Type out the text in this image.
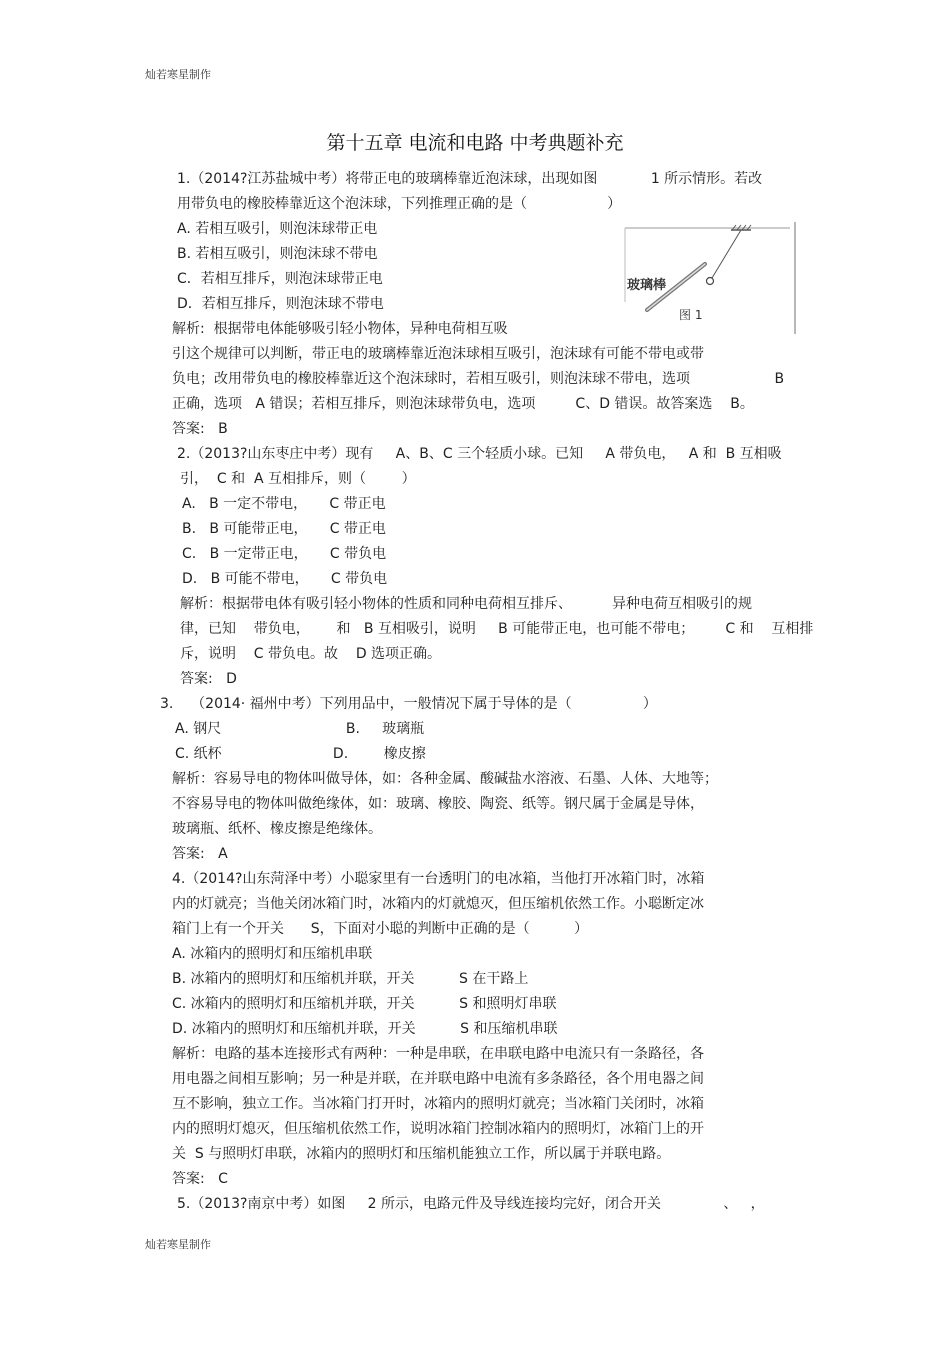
灿若寒星制作
第十五章 电流和电路 中考典题补充
1.（2014?江苏盐城中考）将带正电的玻璃棒靠近泡沫球，出现如图            1 所示情形。若改
用带负电的橡胶棒靠近这个泡沫球，下列推理正确的是（                  ）
A. 若相互吸引，则泡沫球带正电
B. 若相互吸引，则泡沫球不带电
C．若相互排斥，则泡沫球带正电
D．若相互排斥，则泡沫球不带电
解析:  根据带电体能够吸引轻小物体，异种电荷相互吸
引这个规律可以判断，带正电的玻璃棒靠近泡沫球相互吸引，泡沫球有可能不带电或带
负电；改用带负电的橡胶棒靠近这个泡沫球时，若相互吸引，则泡沫球不带电，选项                   B
正确，选项   A 错误；若相互排斥，则泡沫球带负电，选项         C、D 错误。故答案选    B。
答案:   B
2.（2013?山东枣庄中考）现有     A、B、C 三个轻质小球。已知     A 带负电，   A 和  B 互相吸
引，  C 和  A 互相排斥，则（        ）
A.   B 一定不带电，     C 带正电
B.   B 可能带正电，     C 带正电
C.   B 一定带正电，     C 带负电
D.   B 可能不带电，     C 带负电
解析：根据带电体有吸引轻小物体的性质和同种电荷相互排斥、         异种电荷互相吸引的规
律，已知    带负电，      和   B 互相吸引，说明     B 可能带正电，也可能不带电；       C 和    互相排
斥，说明    C 带负电。故    D 选项正确。
答案:   D
3.    （2014· 福州中考）下列用品中，一般情况下属于导体的是（                ）
A. 钢尺                            B.     玻璃瓶
C. 纸杯                         D.        橡皮擦
解析：容易导电的物体叫做导体，如：各种金属、酸碱盐水溶液、石墨、人体、大地等；
不容易导电的物体叫做绝缘体，如：玻璃、橡胶、陶瓷、纸等。钢尺属于金属是导体，
玻璃瓶、纸杯、橡皮擦是绝缘体。
答案:   A
4.（2014?山东菏泽中考）小聪家里有一台透明门的电冰箱，当他打开冰箱门时，冰箱
内的灯就亮；当他关闭冰箱门时，冰箱内的灯就熄灭，但压缩机依然工作。小聪断定冰
箱门上有一个开关      S，下面对小聪的判断中正确的是（          ）
A. 冰箱内的照明灯和压缩机串联
B. 冰箱内的照明灯和压缩机并联，开关          S 在干路上
C. 冰箱内的照明灯和压缩机并联，开关          S 和照明灯串联
D. 冰箱内的照明灯和压缩机并联，开关          S 和压缩机串联
解析：电路的基本连接形式有两种：一种是串联，在串联电路中电流只有一条路径，各
用电器之间相互影响；另一种是并联，在并联电路中电流有多条路径，各个用电器之间
互不影响，独立工作。当冰箱门打开时，冰箱内的照明灯就亮；当冰箱门关闭时，冰箱
内的照明灯熄灭，但压缩机依然工作，说明冰箱门控制冰箱内的照明灯，冰箱门上的开
关  S 与照明灯串联，冰箱内的照明灯和压缩机能独立工作，所以属于并联电路。
答案:   C
5.（2013?南京中考）如图     2 所示，电路元件及导线连接均完好，闭合开关              、   ，
玻璃棒
图 1
灿若寒星制作
